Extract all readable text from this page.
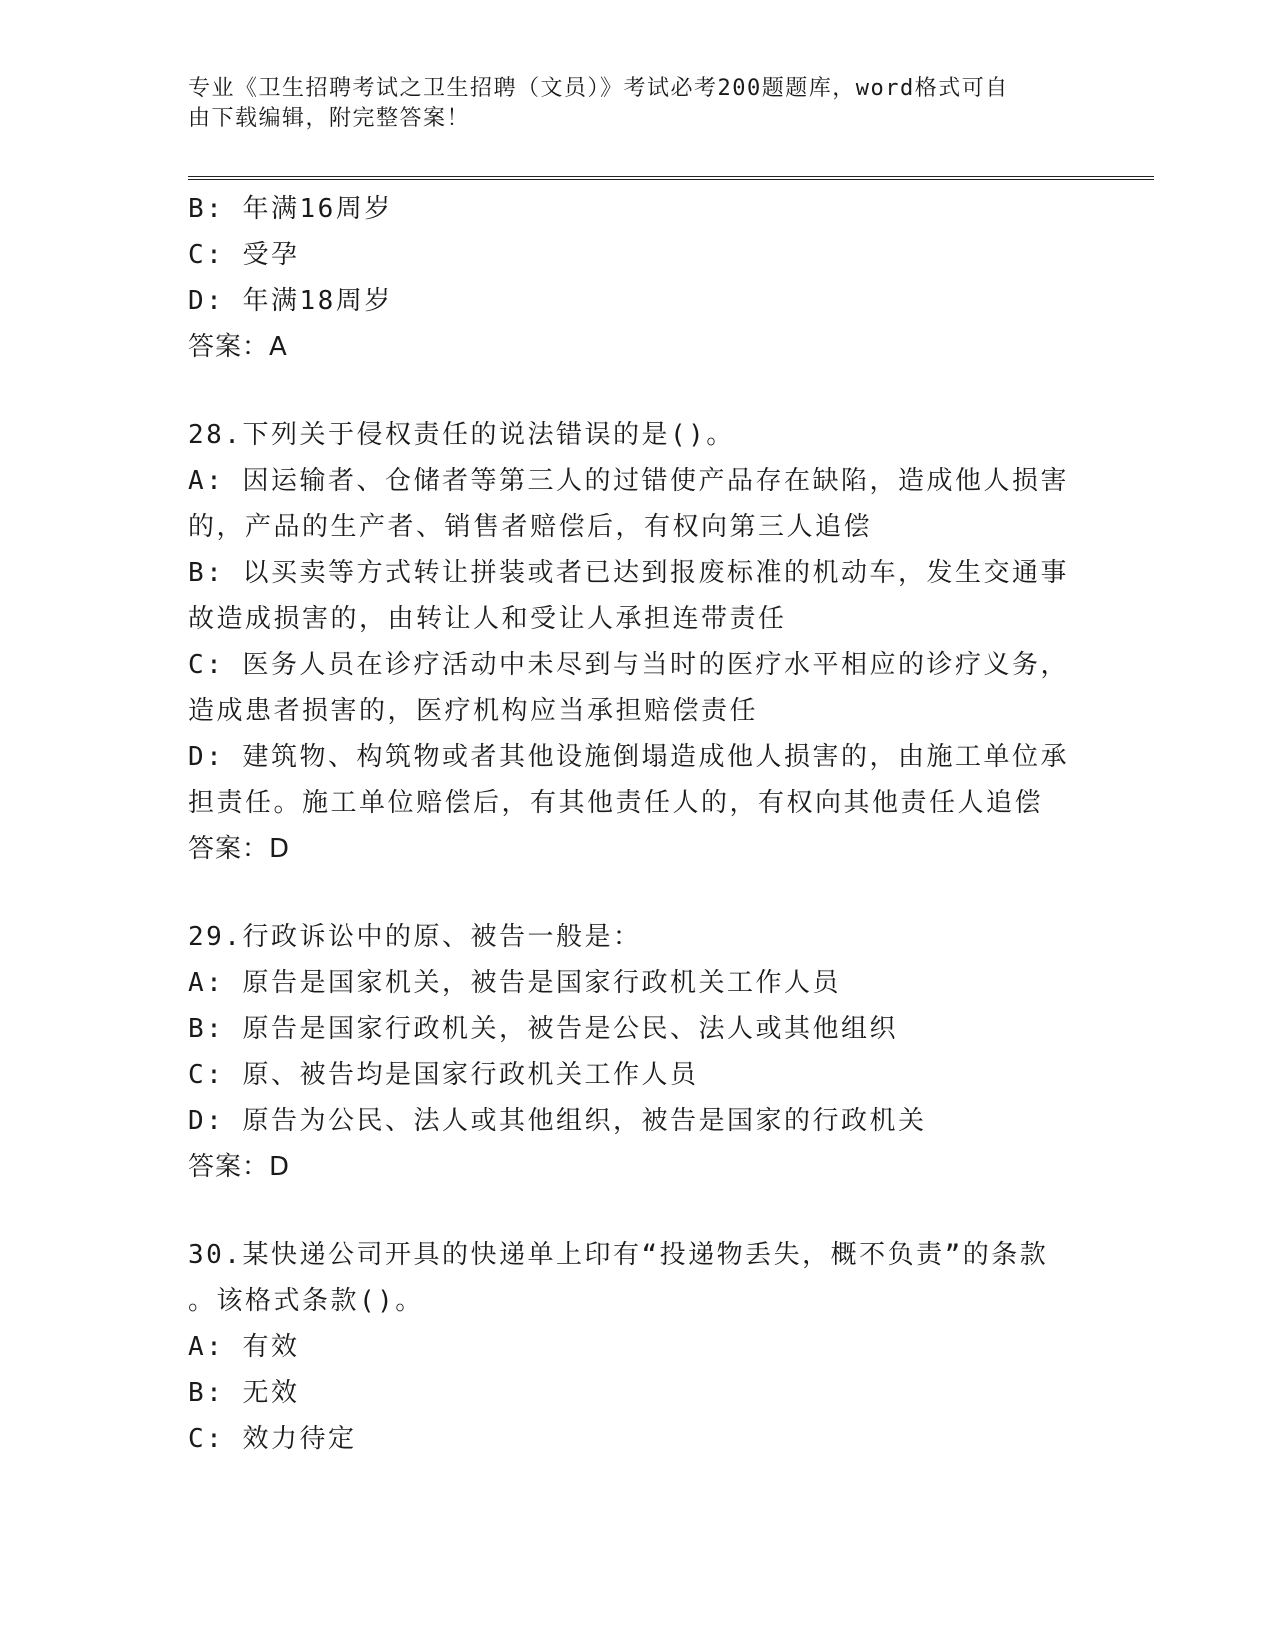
专业《卫生招聘考试之卫生招聘（文员）》考试必考200题题库，word格式可自
由下载编辑，附完整答案！
B: 年满16周岁
C: 受孕
D: 年满18周岁
答案：A
28.下列关于侵权责任的说法错误的是()。
A: 因运输者、仓储者等第三人的过错使产品存在缺陷，造成他人损害
的，产品的生产者、销售者赔偿后，有权向第三人追偿
B: 以买卖等方式转让拼装或者已达到报废标准的机动车，发生交通事
故造成损害的，由转让人和受让人承担连带责任
C: 医务人员在诊疗活动中未尽到与当时的医疗水平相应的诊疗义务，
造成患者损害的，医疗机构应当承担赔偿责任
D: 建筑物、构筑物或者其他设施倒塌造成他人损害的，由施工单位承
担责任。施工单位赔偿后，有其他责任人的，有权向其他责任人追偿
答案：D
29.行政诉讼中的原、被告一般是：
A: 原告是国家机关，被告是国家行政机关工作人员
B: 原告是国家行政机关，被告是公民、法人或其他组织
C: 原、被告均是国家行政机关工作人员
D: 原告为公民、法人或其他组织，被告是国家的行政机关
答案：D
30.某快递公司开具的快递单上印有“投递物丢失，概不负责”的条款
。该格式条款()。
A: 有效
B: 无效
C: 效力待定
